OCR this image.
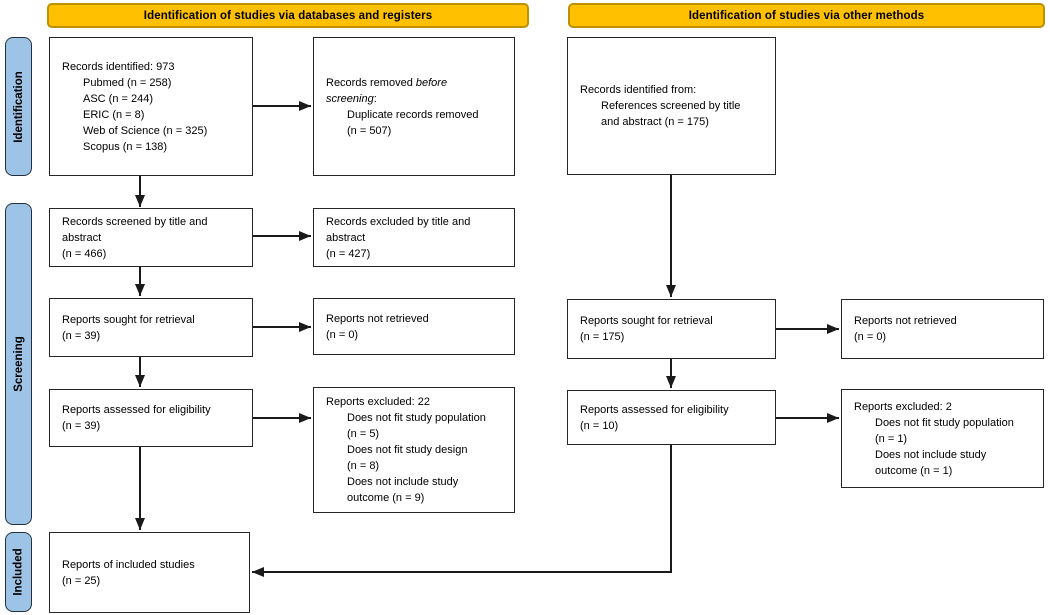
Identification of studies via databases and registers	Identification of studies via other methods
Identification
Screening
Included
Records identified: 973
Pubmed (n = 258)
ASC (n = 244)
ERIC (n = 8)
Web of Science (n = 325)
Scopus (n = 138)
Records removed before
screening:
Duplicate records removed
(n = 507)
Records screened by title and
abstract
(n = 466)
Records excluded by title and
abstract
(n = 427)
Reports sought for retrieval
(n = 39)
Reports not retrieved
(n = 0)
Reports assessed for eligibility
(n = 39)
Reports excluded: 22
Does not fit study population
(n = 5)
Does not fit study design
(n = 8)
Does not include study
outcome (n = 9)
Reports of included studies
(n = 25)
Records identified from:
References screened by title
and abstract (n = 175)
Reports sought for retrieval
(n = 175)
Reports not retrieved
(n = 0)
Reports assessed for eligibility
(n = 10)
Reports excluded: 2
Does not fit study population
(n = 1)
Does not include study
outcome (n = 1)
